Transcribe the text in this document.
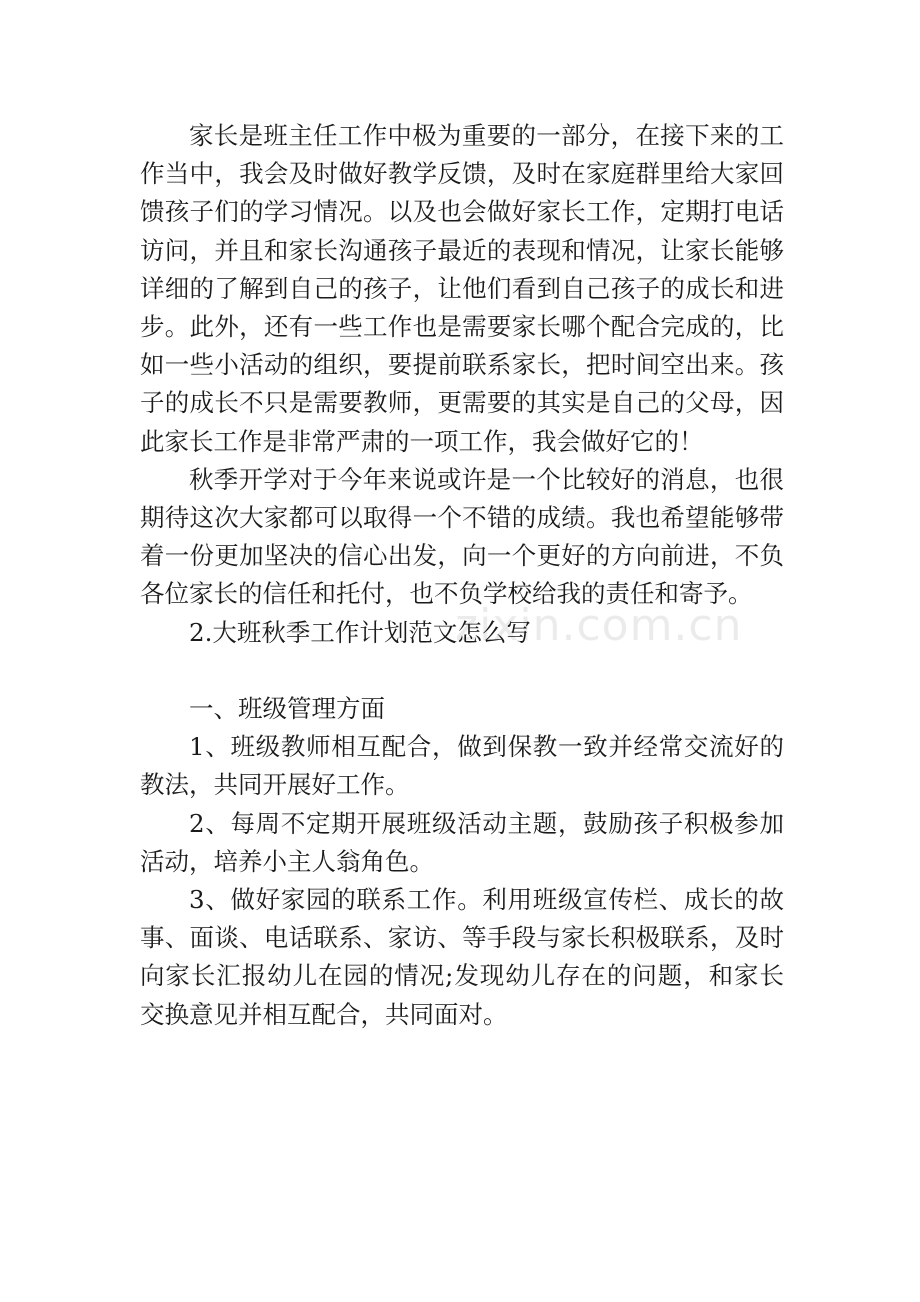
家长是班主任工作中极为重要的一部分，在接下来的工作当中，我会及时做好教学反馈，及时在家庭群里给大家回馈孩子们的学习情况。以及也会做好家长工作，定期打电话访问，并且和家长沟通孩子最近的表现和情况，让家长能够详细的了解到自己的孩子，让他们看到自己孩子的成长和进步。此外，还有一些工作也是需要家长哪个配合完成的，比如一些小活动的组织，要提前联系家长，把时间空出来。孩子的成长不只是需要教师，更需要的其实是自己的父母，因此家长工作是非常严肃的一项工作，我会做好它的！

秋季开学对于今年来说或许是一个比较好的消息，也很期待这次大家都可以取得一个不错的成绩。我也希望能够带着一份更加坚决的信心出发，向一个更好的方向前进，不负各位家长的信任和托付，也不负学校给我的责任和寄予。

2.大班秋季工作计划范文怎么写

一、班级管理方面

1、班级教师相互配合，做到保教一致并经常交流好的教法，共同开展好工作。

2、每周不定期开展班级活动主题，鼓励孩子积极参加活动，培养小主人翁角色。

3、做好家园的联系工作。利用班级宣传栏、成长的故事、面谈、电话联系、家访、等手段与家长积极联系，及时向家长汇报幼儿在园的情况;发现幼儿存在的问题，和家长交换意见并相互配合，共同面对。

zixin.com.cn
